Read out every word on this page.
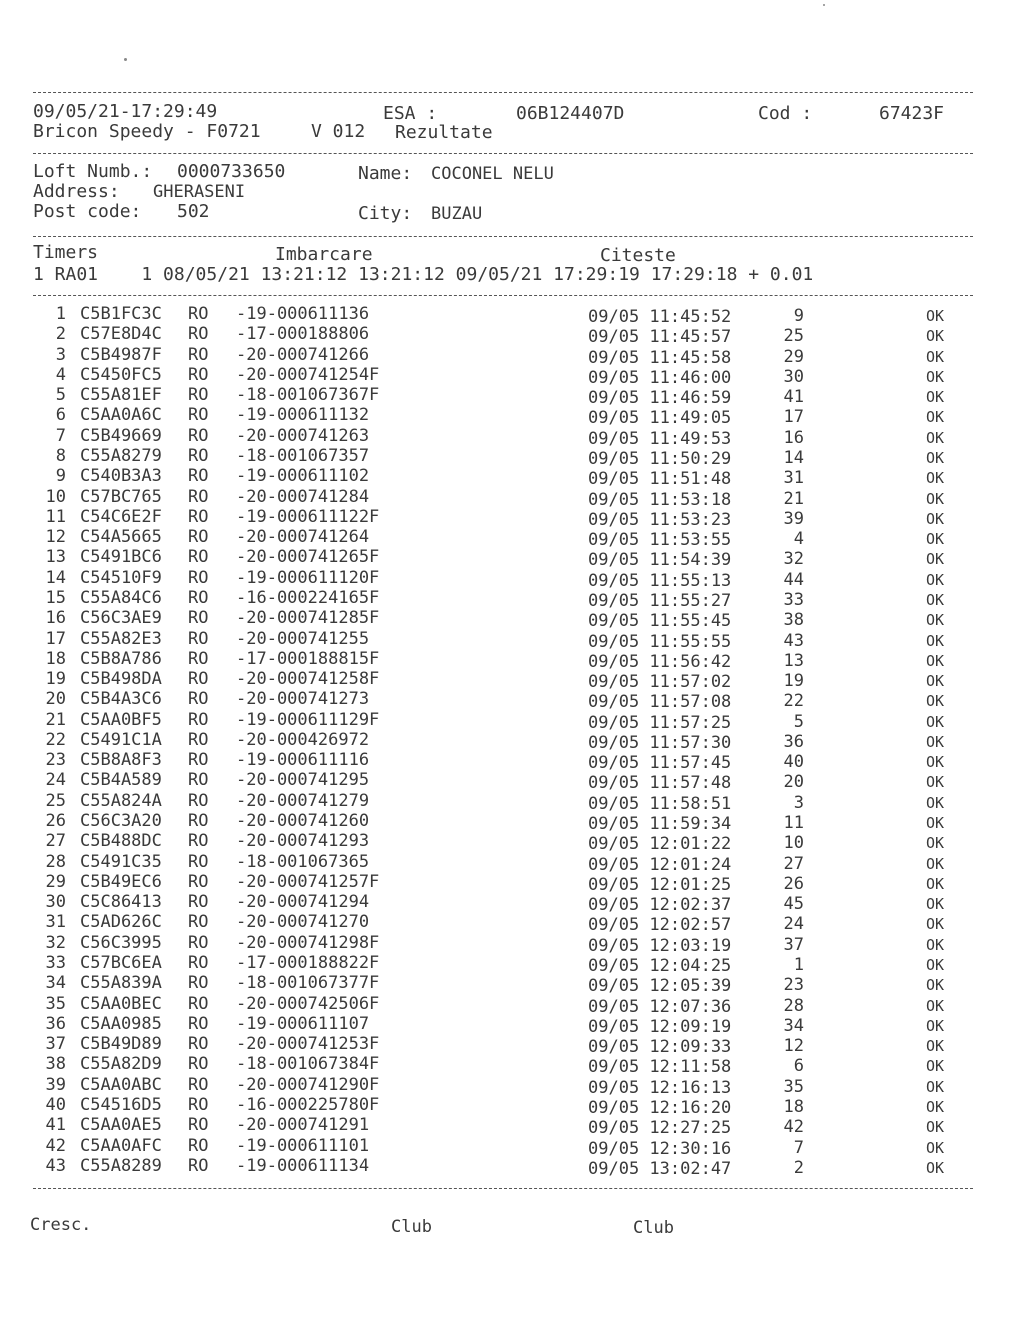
09/05/21-17:29:49	ESA :	06B124407D	Cod :	67423F
Bricon Speedy - F0721	V 012 Rezultate
Loft Numb.: 0000733650	Name: COCONEL NELU
Address: GHERASENI
Post code: 502	City: BUZAU
Timers	Imbarcare	Citeste
1 RA01    1 08/05/21 13:21:12 13:21:12 09/05/21 17:29:19 17:29:18 + 0.01
1 C5B1FC3C RO -19-000611136	09/05 11:45:52	9	OK
2 C57E8D4C RO -17-000188806	09/05 11:45:57	25	OK
3 C5B4987F RO -20-000741266	09/05 11:45:58	29	OK
4 C5450FC5 RO -20-000741254F	09/05 11:46:00	30	OK
5 C55A81EF RO -18-001067367F	09/05 11:46:59	41	OK
6 C5AA0A6C RO -19-000611132	09/05 11:49:05	17	OK
7 C5B49669 RO -20-000741263	09/05 11:49:53	16	OK
8 C55A8279 RO -18-001067357	09/05 11:50:29	14	OK
9 C540B3A3 RO -19-000611102	09/05 11:51:48	31	OK
10 C57BC765 RO -20-000741284	09/05 11:53:18	21	OK
11 C54C6E2F RO -19-000611122F	09/05 11:53:23	39	OK
12 C54A5665 RO -20-000741264	09/05 11:53:55	4	OK
13 C5491BC6 RO -20-000741265F	09/05 11:54:39	32	OK
14 C54510F9 RO -19-000611120F	09/05 11:55:13	44	OK
15 C55A84C6 RO -16-000224165F	09/05 11:55:27	33	OK
16 C56C3AE9 RO -20-000741285F	09/05 11:55:45	38	OK
17 C55A82E3 RO -20-000741255	09/05 11:55:55	43	OK
18 C5B8A786 RO -17-000188815F	09/05 11:56:42	13	OK
19 C5B498DA RO -20-000741258F	09/05 11:57:02	19	OK
20 C5B4A3C6 RO -20-000741273	09/05 11:57:08	22	OK
21 C5AA0BF5 RO -19-000611129F	09/05 11:57:25	5	OK
22 C5491C1A RO -20-000426972	09/05 11:57:30	36	OK
23 C5B8A8F3 RO -19-000611116	09/05 11:57:45	40	OK
24 C5B4A589 RO -20-000741295	09/05 11:57:48	20	OK
25 C55A824A RO -20-000741279	09/05 11:58:51	3	OK
26 C56C3A20 RO -20-000741260	09/05 11:59:34	11	OK
27 C5B488DC RO -20-000741293	09/05 12:01:22	10	OK
28 C5491C35 RO -18-001067365	09/05 12:01:24	27	OK
29 C5B49EC6 RO -20-000741257F	09/05 12:01:25	26	OK
30 C5C86413 RO -20-000741294	09/05 12:02:37	45	OK
31 C5AD626C RO -20-000741270	09/05 12:02:57	24	OK
32 C56C3995 RO -20-000741298F	09/05 12:03:19	37	OK
33 C57BC6EA RO -17-000188822F	09/05 12:04:25	1	OK
34 C55A839A RO -18-001067377F	09/05 12:05:39	23	OK
35 C5AA0BEC RO -20-000742506F	09/05 12:07:36	28	OK
36 C5AA0985 RO -19-000611107	09/05 12:09:19	34	OK
37 C5B49D89 RO -20-000741253F	09/05 12:09:33	12	OK
38 C55A82D9 RO -18-001067384F	09/05 12:11:58	6	OK
39 C5AA0ABC RO -20-000741290F	09/05 12:16:13	35	OK
40 C54516D5 RO -16-000225780F	09/05 12:16:20	18	OK
41 C5AA0AE5 RO -20-000741291	09/05 12:27:25	42	OK
42 C5AA0AFC RO -19-000611101	09/05 12:30:16	7	OK
43 C55A8289 RO -19-000611134	09/05 13:02:47	2	OK
Cresc.	Club	Club
